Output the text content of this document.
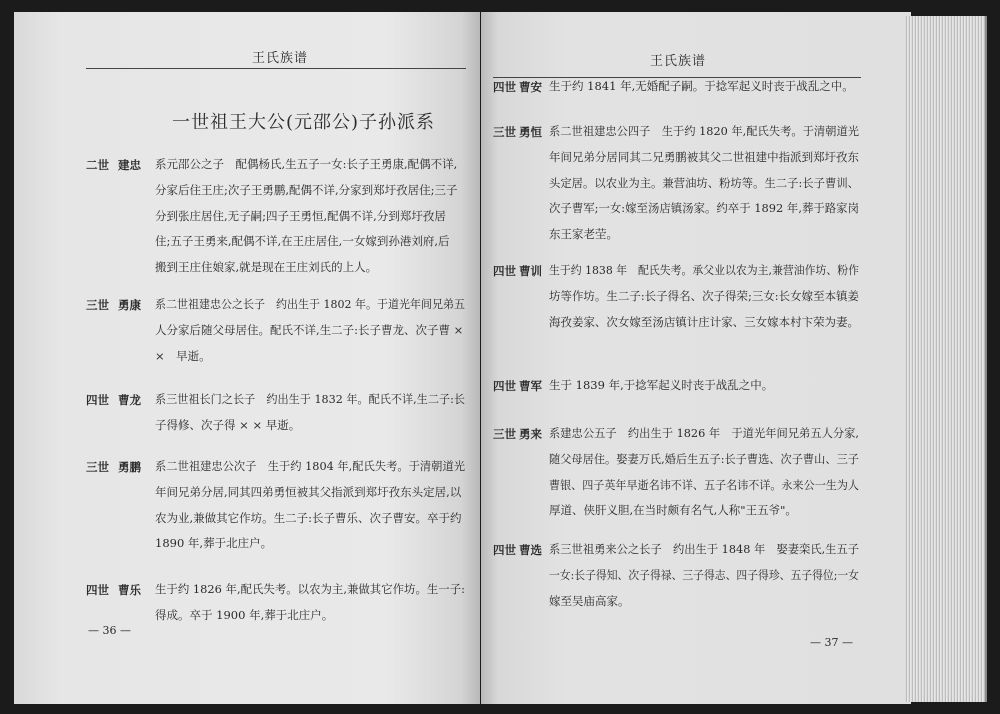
王氏族谱
一世祖王大公(元邵公)子孙派系
王氏族谱
二世 建忠 系元邵公之子　配偶杨氏,生五子一女:长子王勇康,配偶不详,
分家后住王庄;次子王勇鹏,配偶不详,分家到郑圩孜居住;三子
分到张庄居住,无子嗣;四子王勇恒,配偶不详,分到郑圩孜居
住;五子王勇来,配偶不详,在王庄居住,一女嫁到孙港刘府,后
搬到王庄住娘家,就是现在王庄刘氏的上人。
三世 勇康 系二世祖建忠公之长子　约出生于 1802 年。于道光年间兄弟五
人分家后随父母居住。配氏不详,生二子:长子曹龙、次子曹 ×
×　早逝。
四世 曹龙 系三世祖长门之长子　约出生于 1832 年。配氏不详,生二子:长
子得修、次子得 × × 早逝。
三世 勇鹏 系二世祖建忠公次子　生于约 1804 年,配氏失考。于清朝道光
年间兄弟分居,同其四弟勇恒被其父指派到郑圩孜东头定居,以
农为业,兼做其它作坊。生二子:长子曹乐、次子曹安。卒于约
1890 年,葬于北庄户。
四世 曹乐 生于约 1826 年,配氏失考。以农为主,兼做其它作坊。生一子:
得成。卒于 1900 年,葬于北庄户。
四世 曹安 生于约 1841 年,无婚配子嗣。于捻军起义时丧于战乱之中。
三世 勇恒 系二世祖建忠公四子　生于约 1820 年,配氏失考。于清朝道光
年间兄弟分居同其二兄勇鹏被其父二世祖建中指派到郑圩孜东
头定居。以农业为主。兼营油坊、粉坊等。生二子:长子曹训、
次子曹军;一女:嫁至汤店镇汤家。约卒于 1892 年,葬于路家岗
东王家老茔。
四世 曹训 生于约 1838 年　配氏失考。承父业以农为主,兼营油作坊、粉作
坊等作坊。生二子:长子得名、次子得荣;三女:长女嫁至本镇姜
海孜姜家、次女嫁至汤店镇计庄计家、三女嫁本村卞荣为妻。
四世 曹军 生于 1839 年,于捻军起义时丧于战乱之中。
三世 勇来 系建忠公五子　约出生于 1826 年　于道光年间兄弟五人分家,
随父母居住。娶妻万氏,婚后生五子:长子曹选、次子曹山、三子
曹银、四子英年早逝名讳不详、五子名讳不详。永来公一生为人
厚道、侠肝义胆,在当时颇有名气,人称"王五爷"。
四世 曹选 系三世祖勇来公之长子　约出生于 1848 年　娶妻栾氏,生五子
一女:长子得知、次子得禄、三子得志、四子得珍、五子得位;一女
嫁至吴庙高家。
— 36 —
— 37 —
